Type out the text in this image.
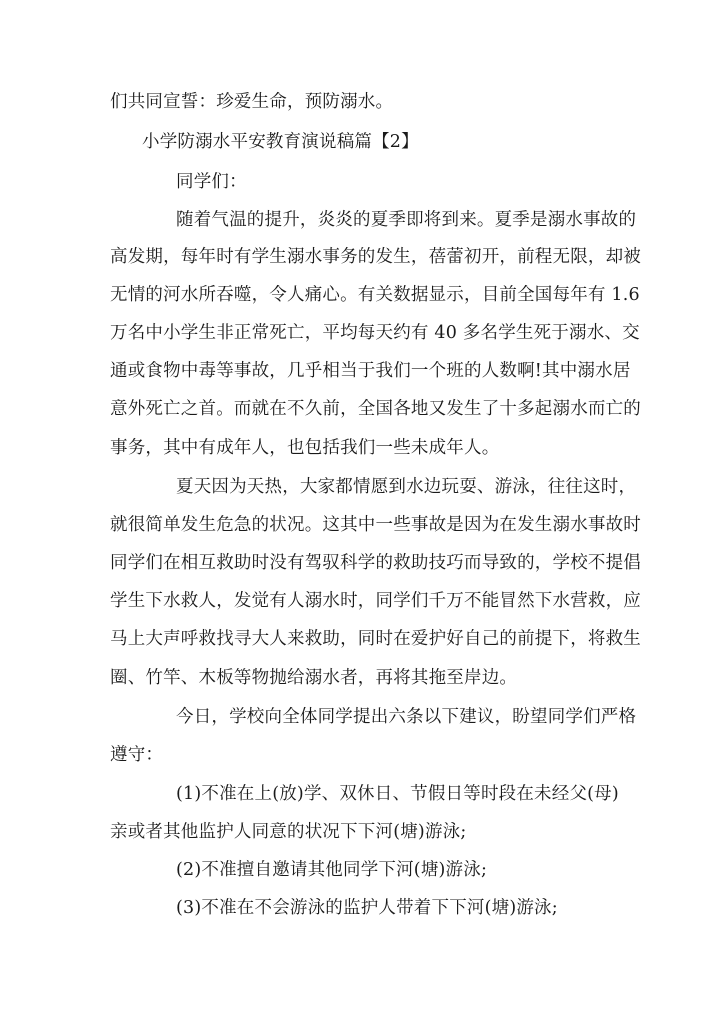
们共同宣誓：珍爱生命，预防溺水。
小学防溺水平安教育演说稿篇【2】
同学们：
随着气温的提升，炎炎的夏季即将到来。夏季是溺水事故的
高发期，每年时有学生溺水事务的发生，蓓蕾初开，前程无限，却被
无情的河水所吞噬，令人痛心。有关数据显示，目前全国每年有 1.6
万名中小学生非正常死亡，平均每天约有 40 多名学生死于溺水、交
通或食物中毒等事故，几乎相当于我们一个班的人数啊!其中溺水居
意外死亡之首。而就在不久前，全国各地又发生了十多起溺水而亡的
事务，其中有成年人，也包括我们一些未成年人。
夏天因为天热，大家都情愿到水边玩耍、游泳，往往这时，
就很简单发生危急的状况。这其中一些事故是因为在发生溺水事故时
同学们在相互救助时没有驾驭科学的救助技巧而导致的，学校不提倡
学生下水救人，发觉有人溺水时，同学们千万不能冒然下水营救，应
马上大声呼救找寻大人来救助，同时在爱护好自己的前提下，将救生
圈、竹竿、木板等物抛给溺水者，再将其拖至岸边。
今日，学校向全体同学提出六条以下建议，盼望同学们严格
遵守：
(1)不准在上(放)学、双休日、节假日等时段在未经父(母)
亲或者其他监护人同意的状况下下河(塘)游泳;
(2)不准擅自邀请其他同学下河(塘)游泳;
(3)不准在不会游泳的监护人带着下下河(塘)游泳;
